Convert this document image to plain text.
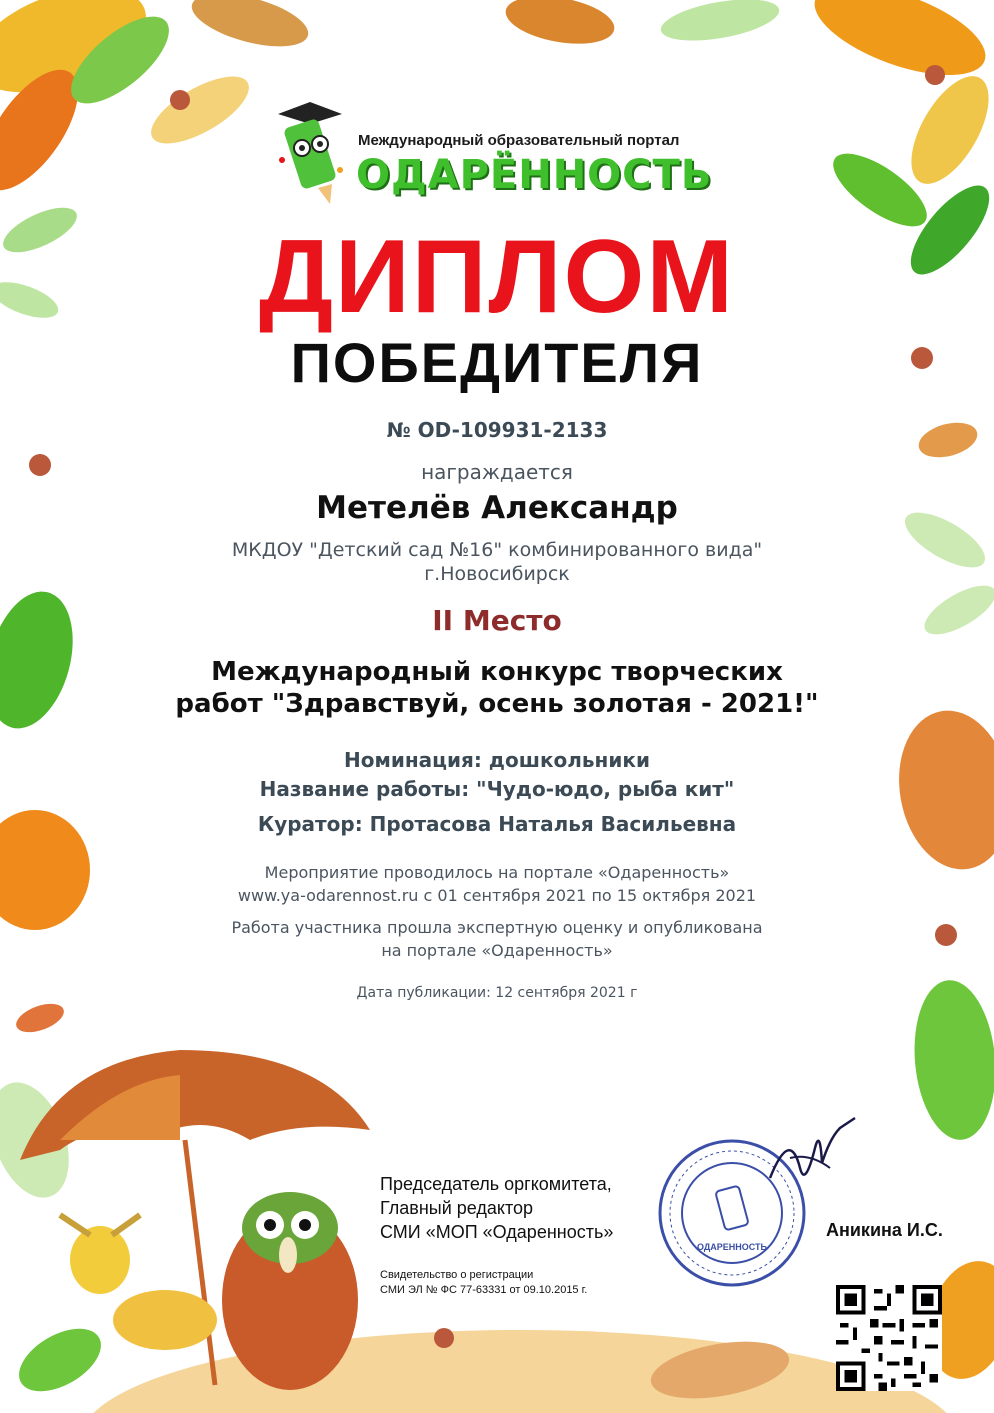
Международный образовательный портал
ОДАРЁННОСТЬ
ДИПЛОМ
ПОБЕДИТЕЛЯ
№ OD-109931-2133
награждается
Метелёв Александр
МКДОУ "Детский сад №16" комбинированного вида"
г.Новосибирск
II Место
Международный конкурс творческих
работ "Здравствуй, осень золотая - 2021!"
Номинация: дошкольники
Название работы: "Чудо-юдо, рыба кит"
Куратор: Протасова Наталья Васильевна
Мероприятие проводилось на портале «Одаренность»
www.ya-odarennost.ru с 01 сентября 2021 по 15 октября 2021
Работа участника прошла экспертную оценку и опубликована
на портале «Одаренность»
Дата публикации: 12 сентября 2021 г
Председатель оргкомитета,
Главный редактор
СМИ «МОП «Одаренность»
Свидетельство о регистрации
СМИ ЭЛ № ФС 77-63331 от 09.10.2015 г.
ОДАРЕННОСТЬ
Аникина И.С.
